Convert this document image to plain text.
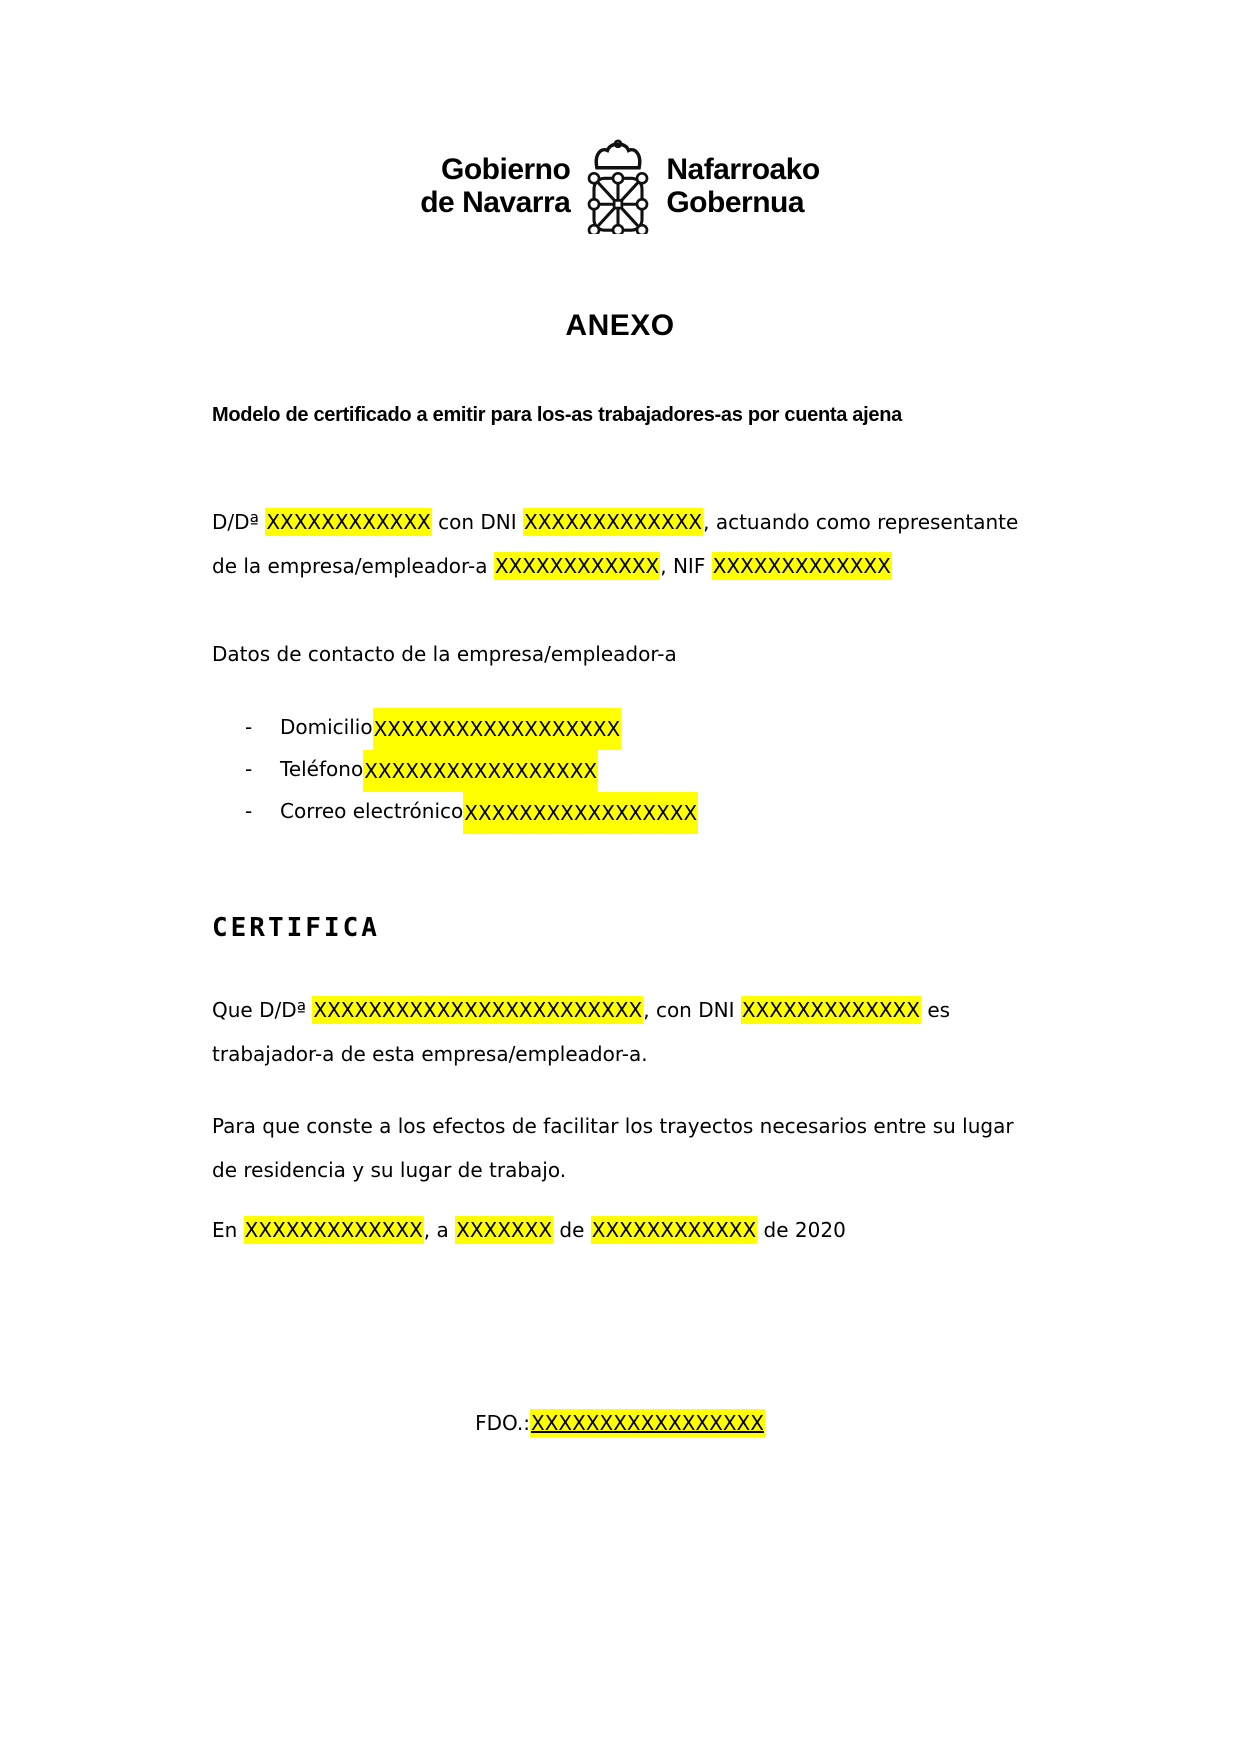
Gobierno
de Navarra
Nafarroako
Gobernua
ANEXO
Modelo de certificado a emitir para los-as trabajadores-as por cuenta ajena
D/Dª XXXXXXXXXXXX con DNI XXXXXXXXXXXXX, actuando como representante de la empresa/empleador-a XXXXXXXXXXXX, NIF XXXXXXXXXXXXX
Datos de contacto de la empresa/empleador-a
-	Domicilio XXXXXXXXXXXXXXXXXX
-	Teléfono XXXXXXXXXXXXXXXXX
-	Correo electrónico XXXXXXXXXXXXXXXXX
CERTIFICA
Que D/Dª XXXXXXXXXXXXXXXXXXXXXXXX, con DNI XXXXXXXXXXXXX es trabajador-a de esta empresa/empleador-a.
Para que conste a los efectos de facilitar los trayectos necesarios entre su lugar de residencia y su lugar de trabajo.
En XXXXXXXXXXXXX, a XXXXXXX de XXXXXXXXXXXX de 2020
FDO.:XXXXXXXXXXXXXXXXX
